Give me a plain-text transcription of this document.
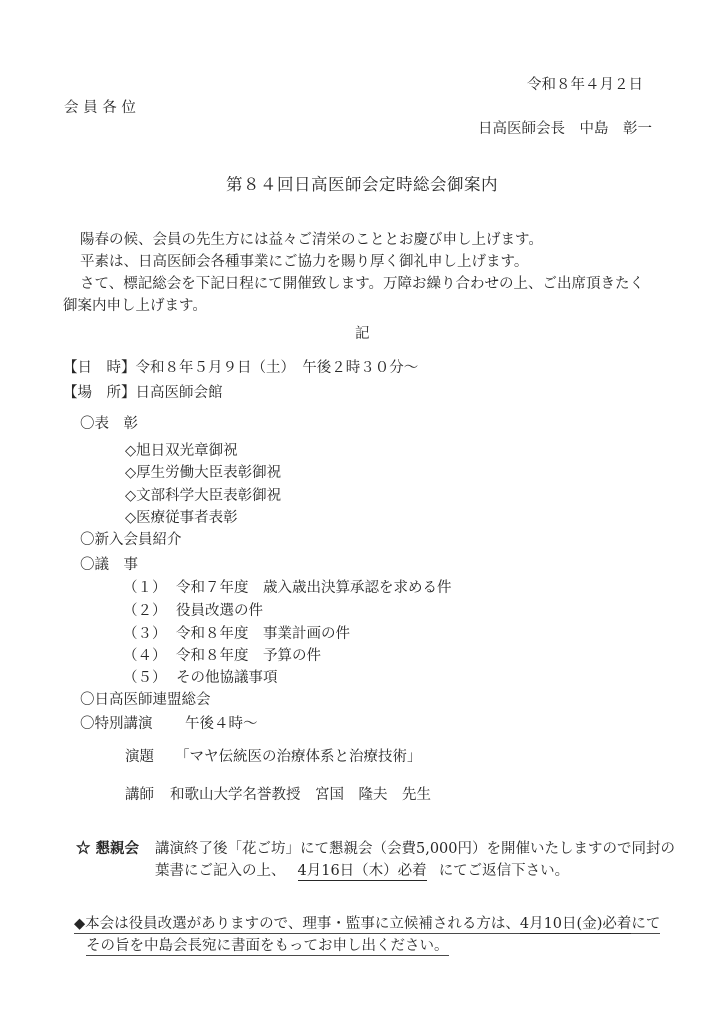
令和８年４月２日
会 員 各 位
日高医師会長　中島　彰一
第８４回日高医師会定時総会御案内
陽春の候、会員の先生方には益々ご清栄のこととお慶び申し上げます。
平素は、日高医師会各種事業にご協力を賜り厚く御礼申し上げます。
さて、標記総会を下記日程にて開催致します。万障お繰り合わせの上、ご出席頂きたく
御案内申し上げます。
記
【日　時】令和８年５月９日（土）　午後２時３０分～
【場　所】日高医師会館
〇表　彰
◇旭日双光章御祝
◇厚生労働大臣表彰御祝
◇文部科学大臣表彰御祝
◇医療従事者表彰
〇新入会員紹介
〇議　事
（１） 令和７年度　歳入歳出決算承認を求める件
（２） 役員改選の件
（３） 令和８年度　事業計画の件
（４） 令和８年度　予算の件
（５） その他協議事項
〇日高医師連盟総会
〇特別講演 午後４時～
演題 「マヤ伝統医の治療体系と治療技術」
講師 和歌山大学名誉教授　宮国　隆夫　先生
☆ 懇親会 講演終了後「花ご坊」にて懇親会（会費5,000円）を開催いたしますので同封の
葉書にご記入の上、 4月16日（木）必着 にてご返信下さい。
◆本会は役員改選がありますので、理事・監事に立候補される方は、4月10日(金)必着にて
その旨を中島会長宛に書面をもってお申し出ください。
